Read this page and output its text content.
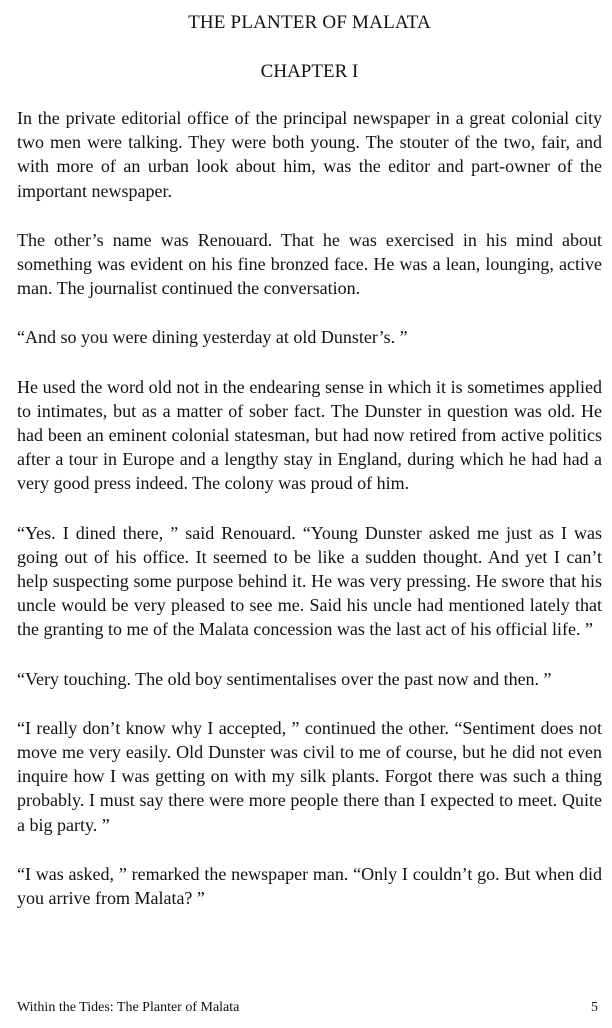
THE PLANTER OF MALATA
CHAPTER I

In the private editorial office of the principal newspaper in a great colonial city two men were talking. They were both young. The stouter of the two, fair, and with more of an urban look about him, was the editor and part-owner of the important newspaper.

The other’s name was Renouard. That he was exercised in his mind about something was evident on his fine bronzed face. He was a lean, lounging, active man. The journalist continued the conversation.

“And so you were dining yesterday at old Dunster’s. ”

He used the word old not in the endearing sense in which it is sometimes applied to intimates, but as a matter of sober fact. The Dunster in question was old. He had been an eminent colonial statesman, but had now retired from active politics after a tour in Europe and a lengthy stay in England, during which he had had a very good press indeed. The colony was proud of him.

“Yes. I dined there, ” said Renouard. “Young Dunster asked me just as I was going out of his office. It seemed to be like a sudden thought. And yet I can’t help suspecting some purpose behind it. He was very pressing. He swore that his uncle would be very pleased to see me. Said his uncle had mentioned lately that the granting to me of the Malata concession was the last act of his official life. ”

“Very touching. The old boy sentimentalises over the past now and then. ”

“I really don’t know why I accepted, ” continued the other. “Sentiment does not move me very easily. Old Dunster was civil to me of course, but he did not even inquire how I was getting on with my silk plants. Forgot there was such a thing probably. I must say there were more people there than I expected to meet. Quite a big party. ”

“I was asked, ” remarked the newspaper man. “Only I couldn’t go. But when did you arrive from Malata? ”

Within the Tides: The Planter of Malata	5
